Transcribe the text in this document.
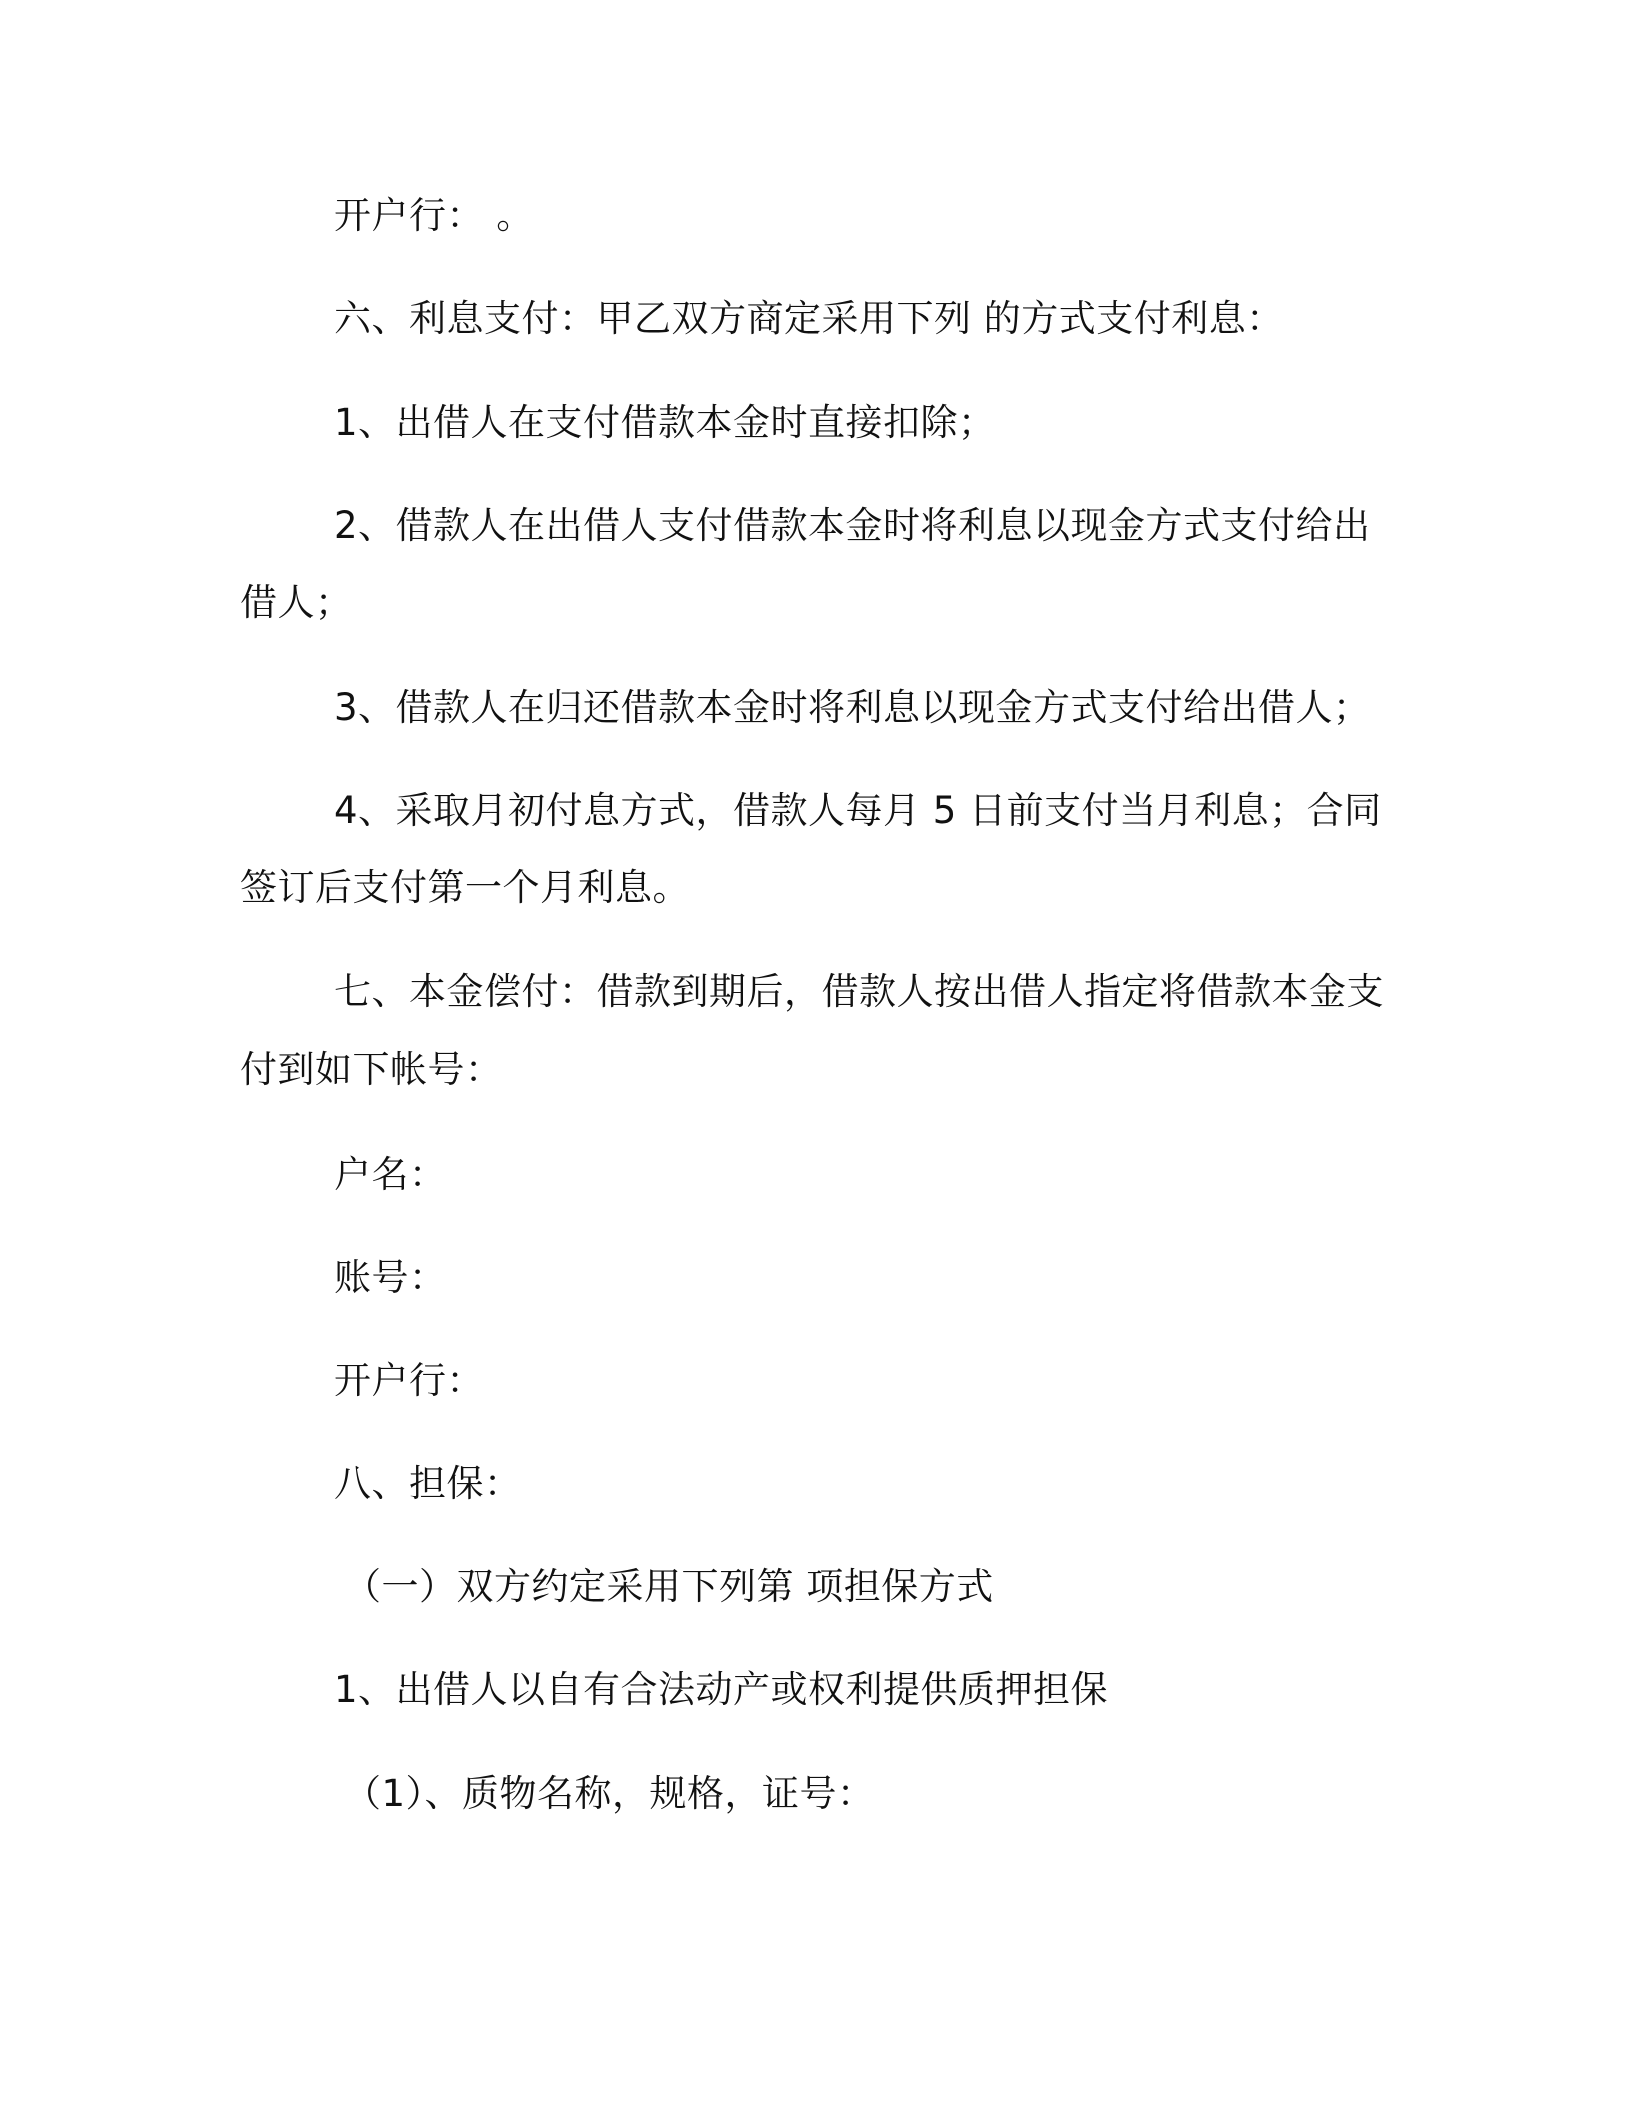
开户行： 。
六、利息支付：甲乙双方商定采用下列 的方式支付利息：
1、出借人在支付借款本金时直接扣除；
2、借款人在出借人支付借款本金时将利息以现金方式支付给出
借人；
3、借款人在归还借款本金时将利息以现金方式支付给出借人；
4、采取月初付息方式，借款人每月 5 日前支付当月利息；合同
签订后支付第一个月利息。
七、本金偿付：借款到期后，借款人按出借人指定将借款本金支
付到如下帐号：
户名：
账号：
开户行：
八、担保：
（一）双方约定采用下列第 项担保方式
1、出借人以自有合法动产或权利提供质押担保
（1）、质物名称，规格，证号：
